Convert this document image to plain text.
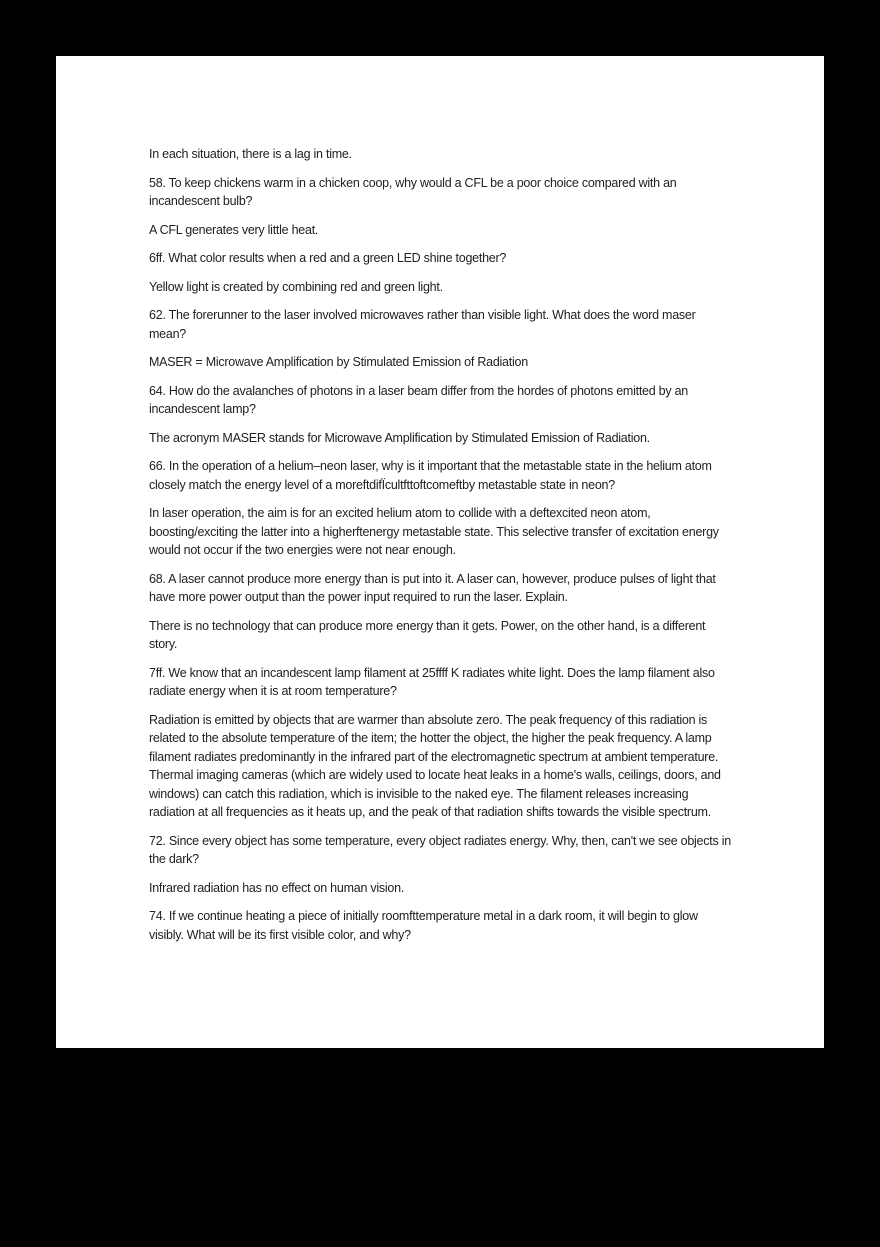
In each situation, there is a lag in time.

58. To keep chickens warm in a chicken coop, why would a CFL be a poor choice compared with an incandescent bulb?

A CFL generates very little heat.

6ff. What color results when a red and a green LED shine together?

Yellow light is created by combining red and green light.

62. The forerunner to the laser involved microwaves rather than visible light. What does the word maser mean?

MASER = Microwave Amplification by Stimulated Emission of Radiation

64. How do the avalanches of photons in a laser beam differ from the hordes of photons emitted by an incandescent lamp?

The acronym MASER stands for Microwave Amplification by Stimulated Emission of Radiation.

66. In the operation of a helium–neon laser, why is it important that the metastable state in the helium atom closely match the energy level of a moreftdifÏcultfttoftcomeftby metastable state in neon?

In laser operation, the aim is for an excited helium atom to collide with a deftexcited neon atom, boosting/exciting the latter into a higherftenergy metastable state. This selective transfer of excitation energy would not occur if the two energies were not near enough.

68. A laser cannot produce more energy than is put into it. A laser can, however, produce pulses of light that have more power output than the power input required to run the laser. Explain.

There is no technology that can produce more energy than it gets. Power, on the other hand, is a different story.

7ff. We know that an incandescent lamp filament at 25ffff K radiates white light. Does the lamp filament also radiate energy when it is at room temperature?

Radiation is emitted by objects that are warmer than absolute zero. The peak frequency of this radiation is related to the absolute temperature of the item; the hotter the object, the higher the peak frequency. A lamp filament radiates predominantly in the infrared part of the electromagnetic spectrum at ambient temperature. Thermal imaging cameras (which are widely used to locate heat leaks in a home's walls, ceilings, doors, and windows) can catch this radiation, which is invisible to the naked eye. The filament releases increasing radiation at all frequencies as it heats up, and the peak of that radiation shifts towards the visible spectrum.

72. Since every object has some temperature, every object radiates energy. Why, then, can't we see objects in the dark?

Infrared radiation has no effect on human vision.

74. If we continue heating a piece of initially roomfttemperature metal in a dark room, it will begin to glow visibly. What will be its first visible color, and why?
